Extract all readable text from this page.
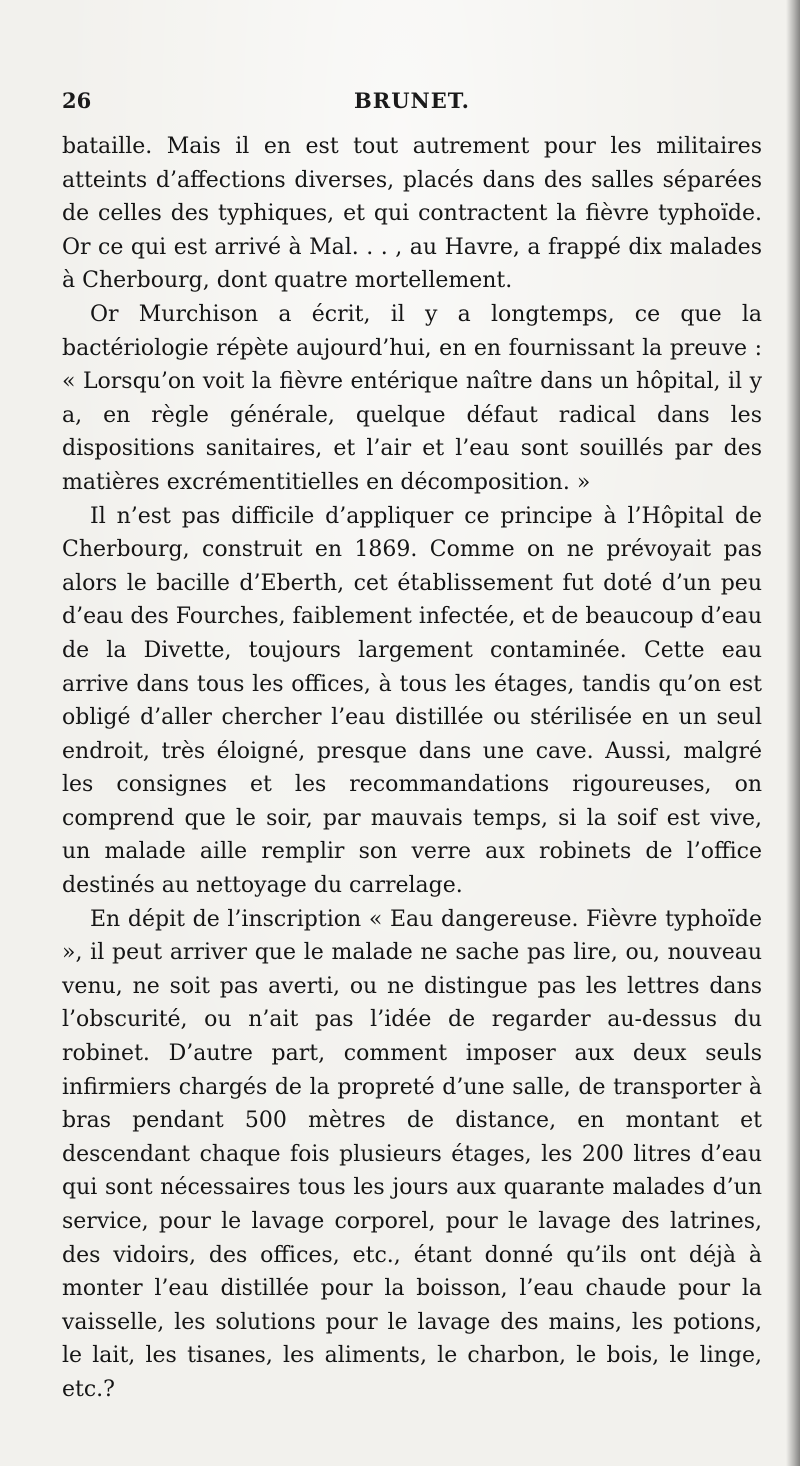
26	BRUNET.

bataille. Mais il en est tout autrement pour les militaires atteints d’affections diverses, placés dans des salles séparées de celles des typhiques, et qui contractent la fièvre typhoïde. Or ce qui est arrivé à Mal. . . , au Havre, a frappé dix malades à Cherbourg, dont quatre mortellement.

Or Murchison a écrit, il y a longtemps, ce que la bactériologie répète aujourd’hui, en en fournissant la preuve : « Lorsqu’on voit la fièvre entérique naître dans un hôpital, il y a, en règle générale, quelque défaut radical dans les dispositions sanitaires, et l’air et l’eau sont souillés par des matières excrémentitielles en décomposition. »

Il n’est pas difficile d’appliquer ce principe à l’Hôpital de Cherbourg, construit en 1869. Comme on ne prévoyait pas alors le bacille d’Eberth, cet établissement fut doté d’un peu d’eau des Fourches, faiblement infectée, et de beaucoup d’eau de la Divette, toujours largement contaminée. Cette eau arrive dans tous les offices, à tous les étages, tandis qu’on est obligé d’aller chercher l’eau distillée ou stérilisée en un seul endroit, très éloigné, presque dans une cave. Aussi, malgré les consignes et les recommandations rigoureuses, on comprend que le soir, par mauvais temps, si la soif est vive, un malade aille remplir son verre aux robinets de l’office destinés au nettoyage du carrelage.

En dépit de l’inscription « Eau dangereuse. Fièvre typhoïde », il peut arriver que le malade ne sache pas lire, ou, nouveau venu, ne soit pas averti, ou ne distingue pas les lettres dans l’obscurité, ou n’ait pas l’idée de regarder au-dessus du robinet. D’autre part, comment imposer aux deux seuls infirmiers chargés de la propreté d’une salle, de transporter à bras pendant 500 mètres de distance, en montant et descendant chaque fois plusieurs étages, les 200 litres d’eau qui sont nécessaires tous les jours aux quarante malades d’un service, pour le lavage corporel, pour le lavage des latrines, des vidoirs, des offices, etc., étant donné qu’ils ont déjà à monter l’eau distillée pour la boisson, l’eau chaude pour la vaisselle, les solutions pour le lavage des mains, les potions, le lait, les tisanes, les aliments, le charbon, le bois, le linge, etc.?
